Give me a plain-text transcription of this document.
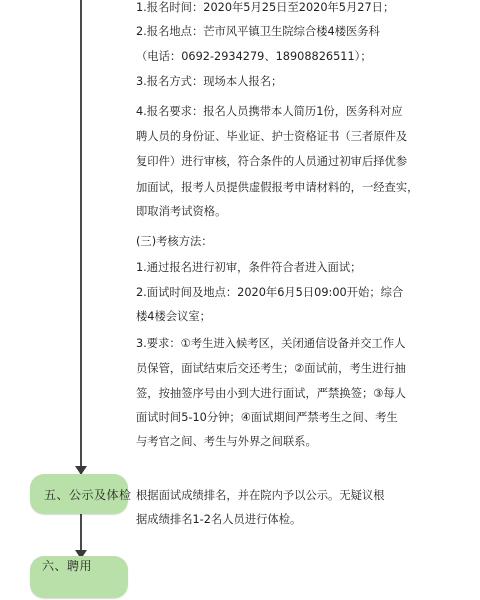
1.报名时间：2020年5月25日至2020年5月27日；
2.报名地点：芒市风平镇卫生院综合楼4楼医务科
（电话：0692-2934279、18908826511）；
3.报名方式：现场本人报名；
4.报名要求：报名人员携带本人简历1份，医务科对应
聘人员的身份证、毕业证、护士资格证书（三者原件及
复印件）进行审核，符合条件的人员通过初审后择优参
加面试，报考人员提供虚假报考申请材料的，一经查实，
即取消考试资格。
(三)考核方法：
1.通过报名进行初审，条件符合者进入面试；
2.面试时间及地点：2020年6月5日09:00开始；综合
楼4楼会议室；
3.要求：①考生进入候考区，关闭通信设备并交工作人
员保管，面试结束后交还考生；②面试前，考生进行抽
签，按抽签序号由小到大进行面试，严禁换签；③每人
面试时间5-10分钟；④面试期间严禁考生之间、考生
与考官之间、考生与外界之间联系。
五、公示及体检 根据面试成绩排名，并在院内予以公示。无疑议根
据成绩排名1-2名人员进行体检。
六、聘用
